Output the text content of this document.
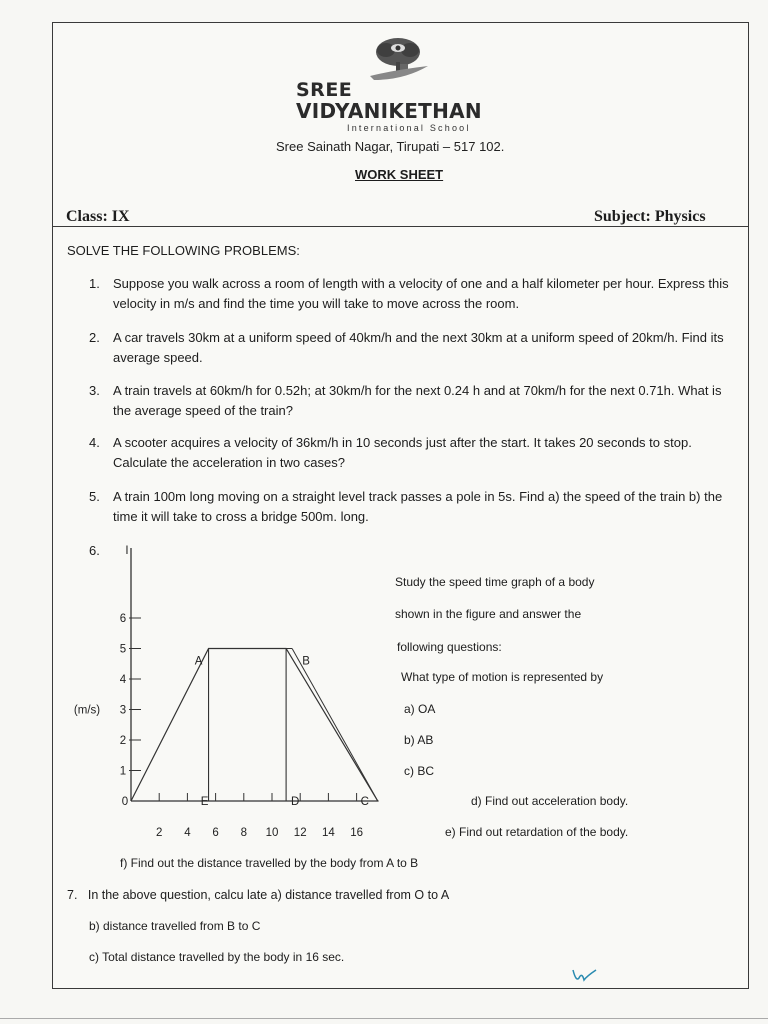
SREE
VIDYANIKETHAN
International School
Sree Sainath Nagar, Tirupati – 517 102.
WORK SHEET
Class: IX	Subject: Physics
SOLVE THE FOLLOWING PROBLEMS:
1.	Suppose you walk across a room of length with a velocity of one and a half kilometer per hour. Express this velocity in m/s and find the time you will take to move across the room.
2.	A car travels 30km at a uniform speed of 40km/h and the next 30km at a uniform speed of 20km/h. Find its average speed.
3.	A train travels at 60km/h for 0.52h; at 30km/h for the next 0.24 h and at 70km/h for the next 0.71h. What is the average speed of the train?
4.	A scooter acquires a velocity of 36km/h in 10 seconds just after the start. It takes 20 seconds to stop. Calculate the acceleration in two cases?
5.	A train 100m long moving on a straight level track passes a pole in 5s. Find a) the speed of the train b) the time it will take to cross a bridge 500m. long.
6.
1
2
3
4
5
6
0
(m/s)
2 4 6 8 10 12 14 16
A	B
C
D
E
I
Study the speed time graph of a body
shown in the figure and answer the
following questions:
What type of motion is represented by
a) OA
b) AB
c) BC
d) Find out acceleration body.
e) Find out retardation of the body.
f) Find out the distance travelled by the body from A to B
7. In the above question, calcu late a) distance travelled from O to A
b) distance travelled from B to C
c) Total distance travelled by the body in 16 sec.
